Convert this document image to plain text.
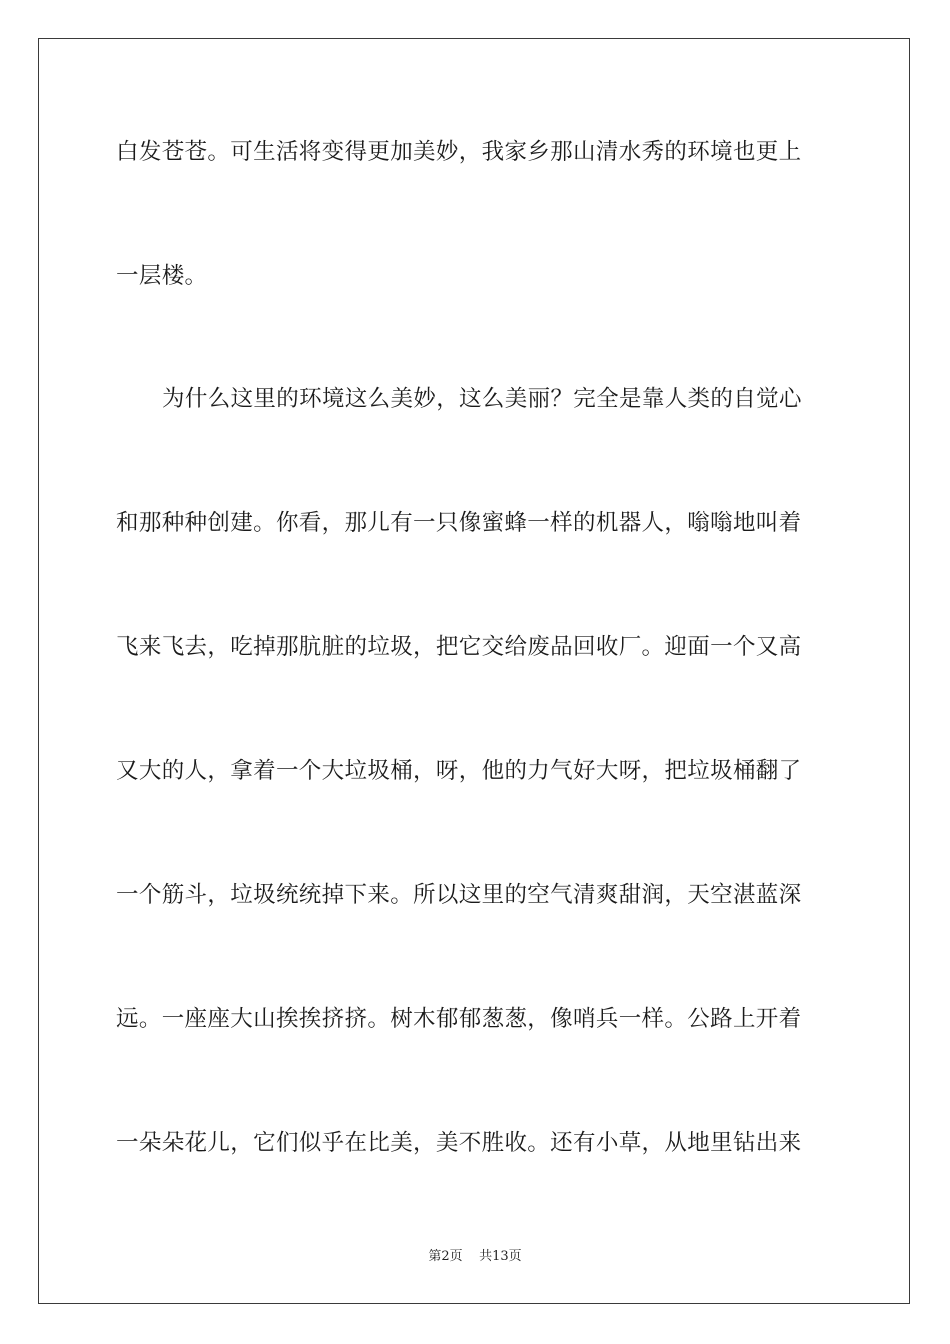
白发苍苍。可生活将变得更加美妙，我家乡那山清水秀的环境也更上
一层楼。
为什么这里的环境这么美妙，这么美丽？完全是靠人类的自觉心
和那种种创建。你看，那儿有一只像蜜蜂一样的机器人，嗡嗡地叫着
飞来飞去，吃掉那肮脏的垃圾，把它交给废品回收厂。迎面一个又高
又大的人，拿着一个大垃圾桶，呀，他的力气好大呀，把垃圾桶翻了
一个筋斗，垃圾统统掉下来。所以这里的空气清爽甜润，天空湛蓝深
远。一座座大山挨挨挤挤。树木郁郁葱葱，像哨兵一样。公路上开着
一朵朵花儿，它们似乎在比美，美不胜收。还有小草，从地里钻出来
第2页 共13页
